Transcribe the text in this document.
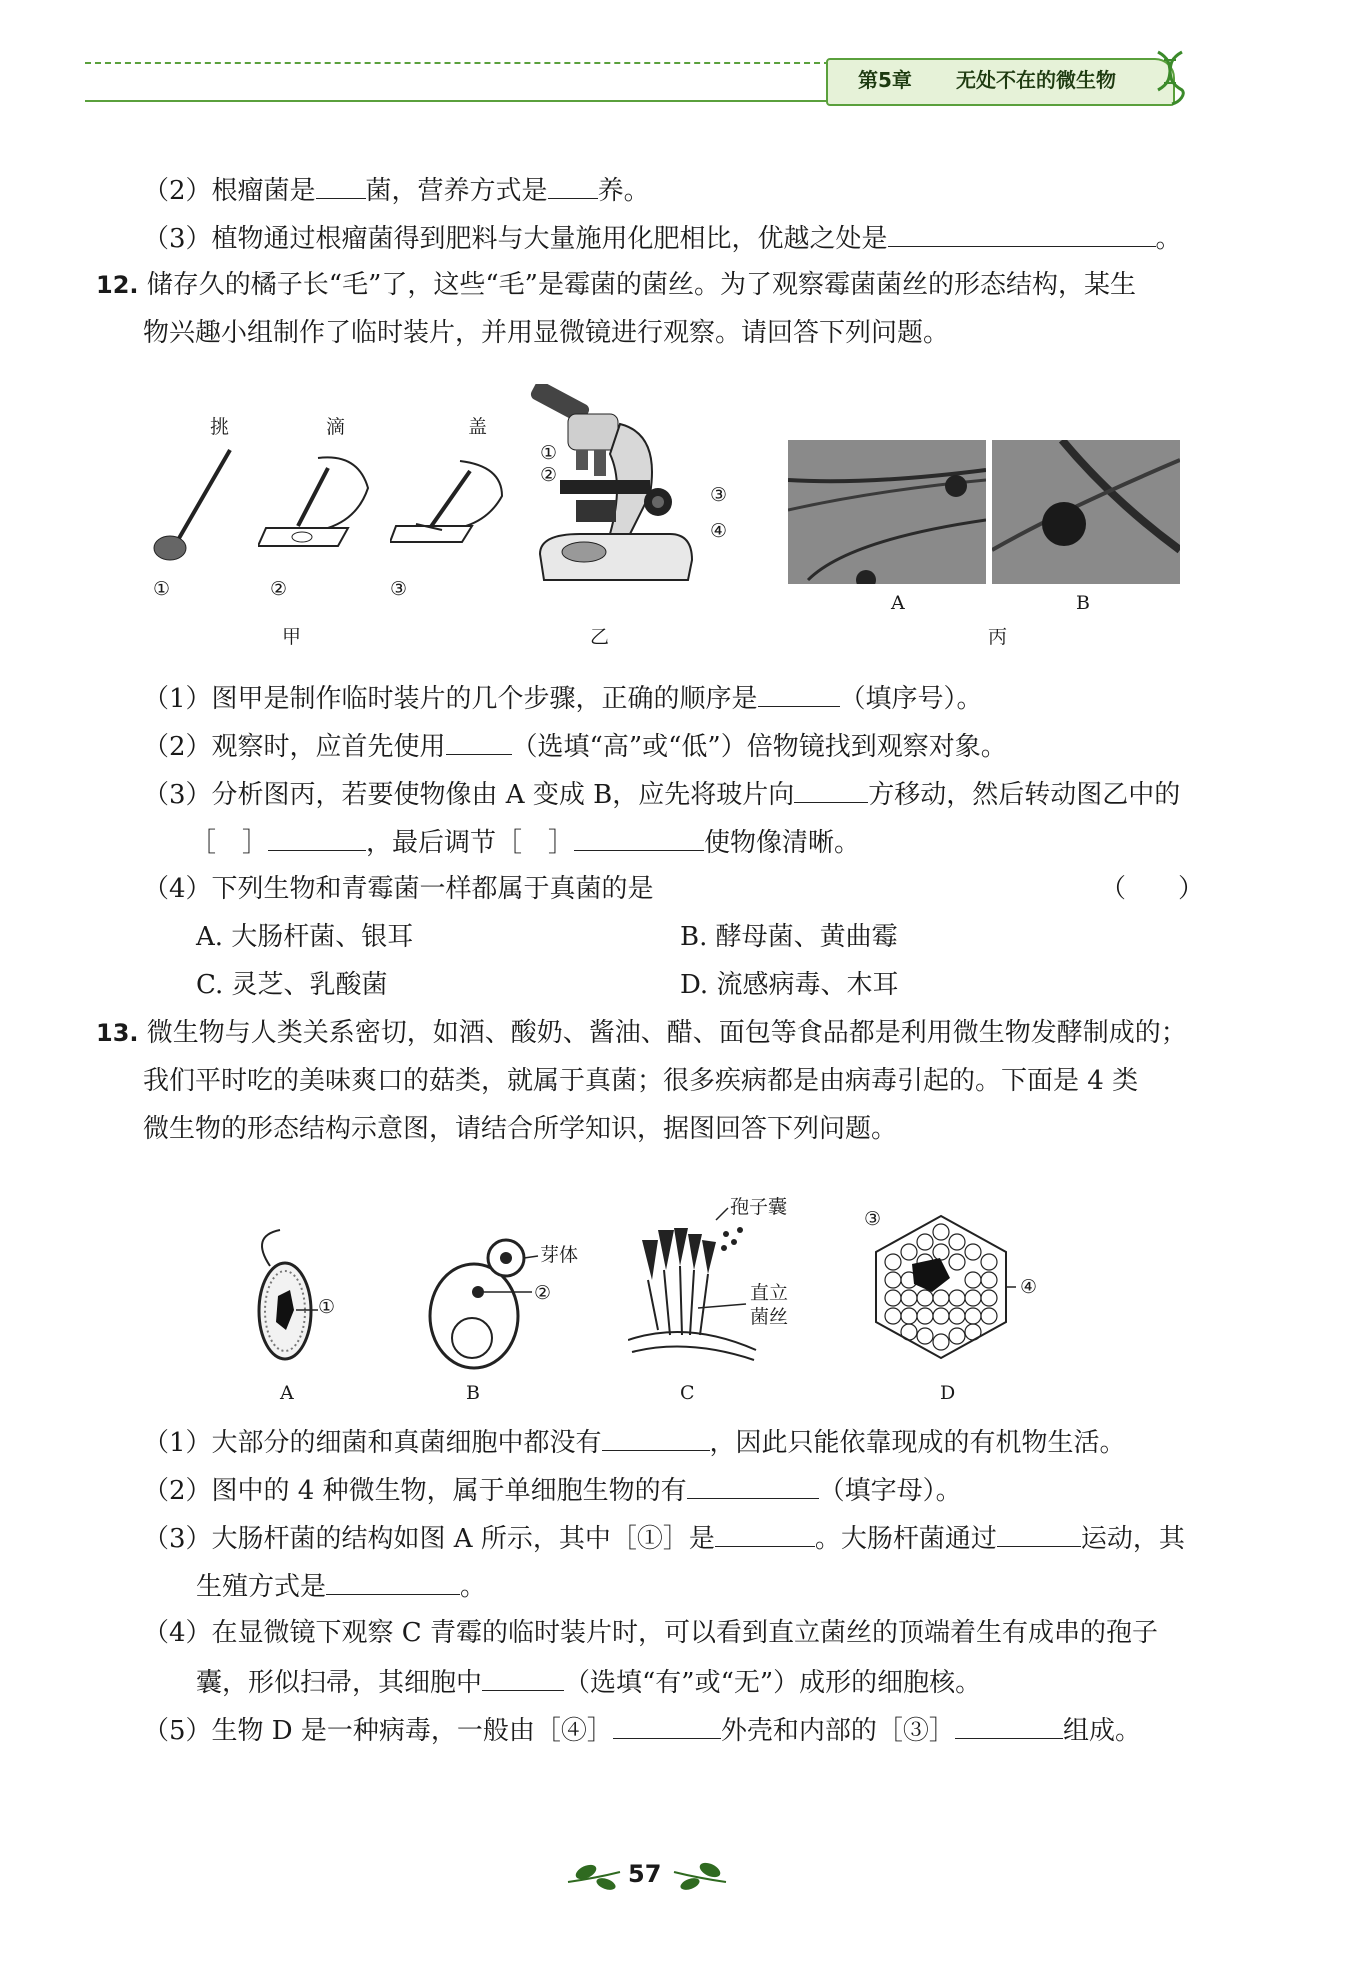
第5章 无处不在的微生物
（2）根瘤菌是 菌，营养方式是 养。
（3）植物通过根瘤菌得到肥料与大量施用化肥相比，优越之处是	。
12. 储存久的橘子长“毛”了，这些“毛”是霉菌的菌丝。为了观察霉菌菌丝的形态结构，某生
物兴趣小组制作了临时装片，并用显微镜进行观察。请回答下列问题。
挑	滴	盖
①	②	③
甲
①
②
③
④
乙
A	B
丙
（1）图甲是制作临时装片的几个步骤，正确的顺序是	（填序号）。
（2）观察时，应首先使用	（选填“高”或“低”）倍物镜找到观察对象。
（3）分析图丙，若要使物像由 A 变成 B，应先将玻片向	方移动，然后转动图乙中的
［　］	，最后调节［　］	使物像清晰。
（4）下列生物和青霉菌一样都属于真菌的是	（　　）
A. 大肠杆菌、银耳	B. 酵母菌、黄曲霉
C. 灵芝、乳酸菌	D. 流感病毒、木耳
13. 微生物与人类关系密切，如酒、酸奶、酱油、醋、面包等食品都是利用微生物发酵制成的；
我们平时吃的美味爽口的菇类，就属于真菌；很多疾病都是由病毒引起的。下面是 4 类
微生物的形态结构示意图，请结合所学知识，据图回答下列问题。
①
芽体
②
孢子囊
直立
菌丝
③
④
A	B	C	D
（1）大部分的细菌和真菌细胞中都没有	，因此只能依靠现成的有机物生活。
（2）图中的 4 种微生物，属于单细胞生物的有	（填字母）。
（3）大肠杆菌的结构如图 A 所示，其中［①］是	。大肠杆菌通过	运动，其
生殖方式是	。
（4）在显微镜下观察 C 青霉的临时装片时，可以看到直立菌丝的顶端着生有成串的孢子
囊，形似扫帚，其细胞中	（选填“有”或“无”）成形的细胞核。
（5）生物 D 是一种病毒，一般由［④］	外壳和内部的［③］	组成。
57
